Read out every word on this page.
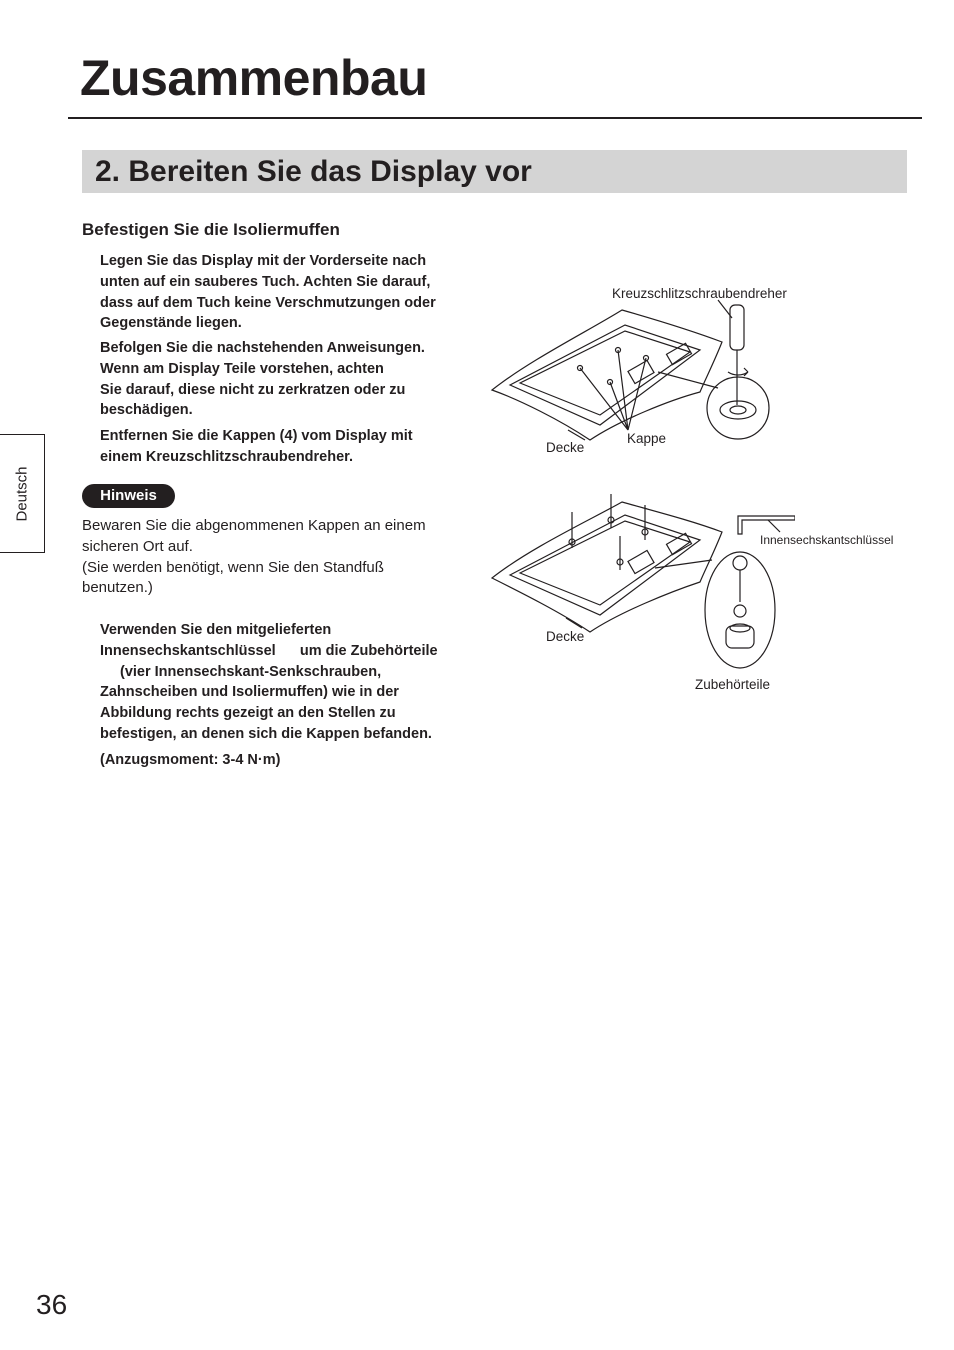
Zusammenbau
2. Bereiten Sie das Display vor
Befestigen Sie die Isoliermuffen

Legen Sie das Display mit der Vorderseite nach

unten auf ein sauberes Tuch. Achten Sie darauf,

dass auf dem Tuch keine Verschmutzungen oder

Gegenstände liegen.

Befolgen Sie die nachstehenden Anweisungen.

Wenn am Display Teile vorstehen, achten

Sie darauf, diese nicht zu zerkratzen oder zu

beschädigen.

Entfernen Sie die Kappen (4) vom Display mit

einem Kreuzschlitzschraubendreher.

Hinweis

Bewaren Sie die abgenommenen Kappen an einem

sicheren Ort auf.

(Sie werden benötigt, wenn Sie den Standfuß

benutzen.)

Verwenden Sie den mitgelieferten

Innensechskantschlüssel      um die Zubehörteile

(vier Innensechskant-Senkschrauben,

Zahnscheiben und Isoliermuffen) wie in der

Abbildung rechts gezeigt an den Stellen zu

befestigen, an denen sich die Kappen befanden.

(Anzugsmoment: 3-4 N·m)

Deutsch
36
Kreuzschlitzschraubendreher
Kappe
Decke
Innensechskantschlüssel
Decke
Zubehörteile
